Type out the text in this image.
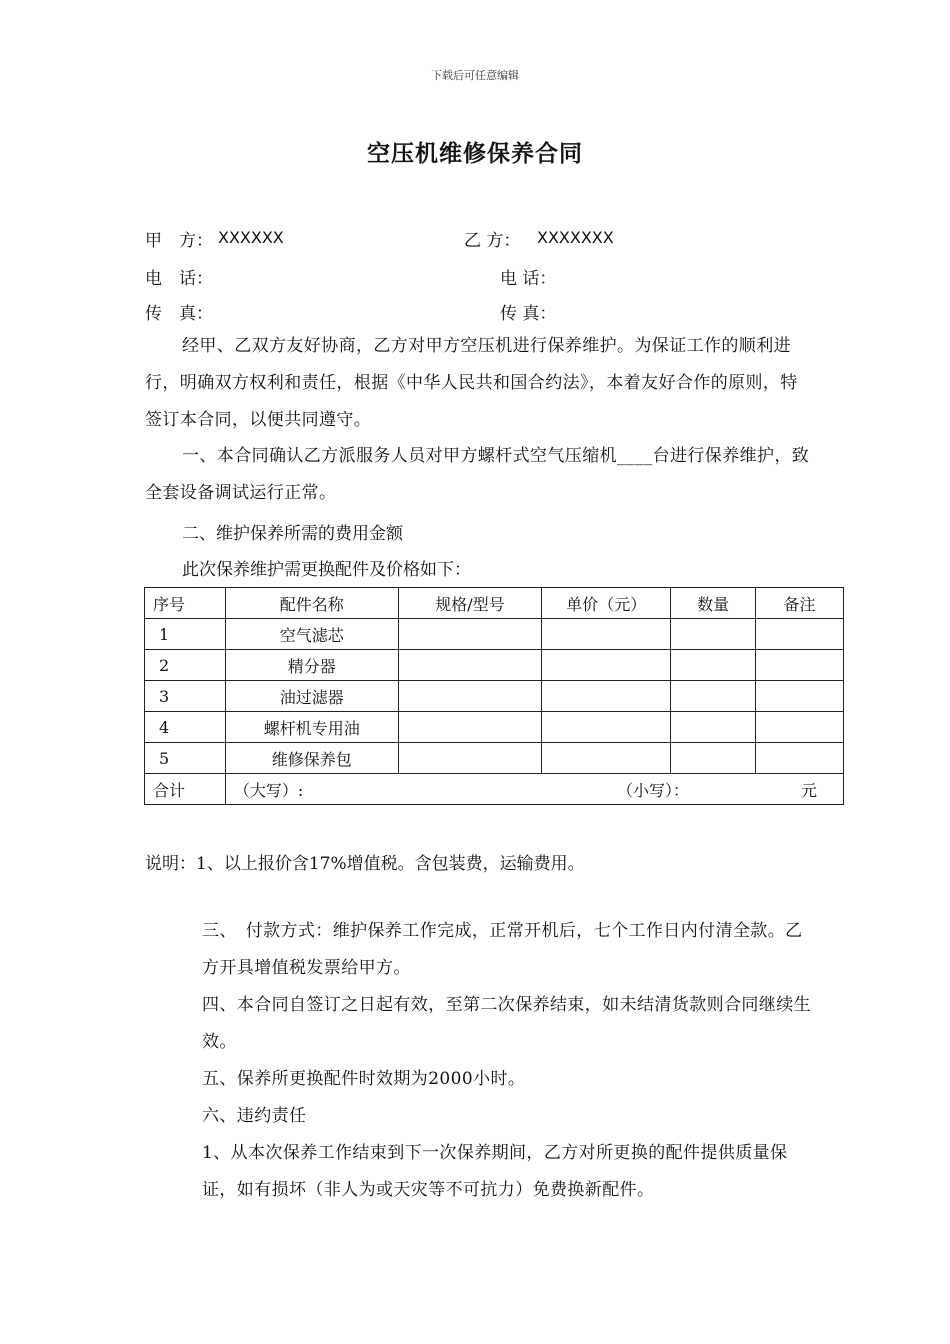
下载后可任意编辑
空压机维修保养合同
甲　方： XXXXXX	乙 方： XXXXXXX
电　话：	电 话：
传　真：	传 真：
经甲、乙双方友好协商，乙方对甲方空压机进行保养维护。为保证工作的顺利进行，明确双方权利和责任，根据《中华人民共和国合约法》，本着友好合作的原则，特签订本合同，以便共同遵守。
一、本合同确认乙方派服务人员对甲方螺杆式空气压缩机____台进行保养维护，致全套设备调试运行正常。
二、维护保养所需的费用金额
此次保养维护需更换配件及价格如下：
序号	配件名称	规格/型号	单价（元）	数量	备注
1	空气滤芯				
2	精分器				
3	油过滤器				
4	螺杆机专用油				
5	维修保养包				
合计	（大写）: （小写）： 元				
说明：1、以上报价含17%增值税。含包装费，运输费用。
三、　付款方式：维护保养工作完成，正常开机后，七个工作日内付清全款。乙方开具增值税发票给甲方。
四、本合同自签订之日起有效，至第二次保养结束，如未结清货款则合同继续生效。
五、保养所更换配件时效期为2000小时。
六、违约责任
1、从本次保养工作结束到下一次保养期间，乙方对所更换的配件提供质量保证，如有损坏（非人为或天灾等不可抗力）免费换新配件。
